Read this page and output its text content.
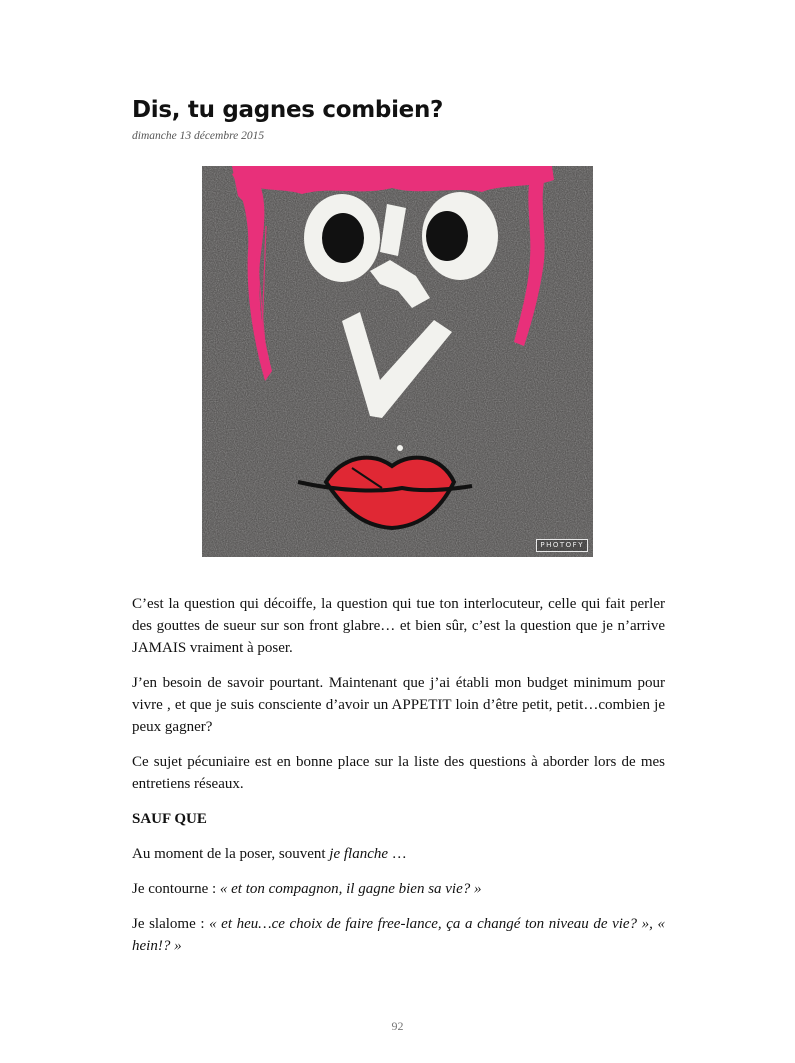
Dis, tu gagnes combien?
dimanche 13 décembre 2015
PHOTOFY

C’est la question qui décoiffe, la question qui tue ton interlocuteur, celle qui fait perler des gouttes de sueur sur son front glabre… et bien sûr, c’est la question que je n’arrive JAMAIS vraiment à poser.

J’en besoin de savoir pourtant. Maintenant que j’ai établi mon budget minimum pour vivre , et que je suis consciente d’avoir un APPETIT loin d’être petit, petit…combien je peux gagner?

Ce sujet pécuniaire est en bonne place sur la liste des questions à aborder lors de mes entretiens réseaux.

SAUF QUE

Au moment de la poser, souvent je flanche …

Je contourne : « et ton compagnon, il gagne bien sa vie? »

Je slalome : « et heu…ce choix de faire free-lance, ça a changé ton niveau de vie? », « hein!? »

92
